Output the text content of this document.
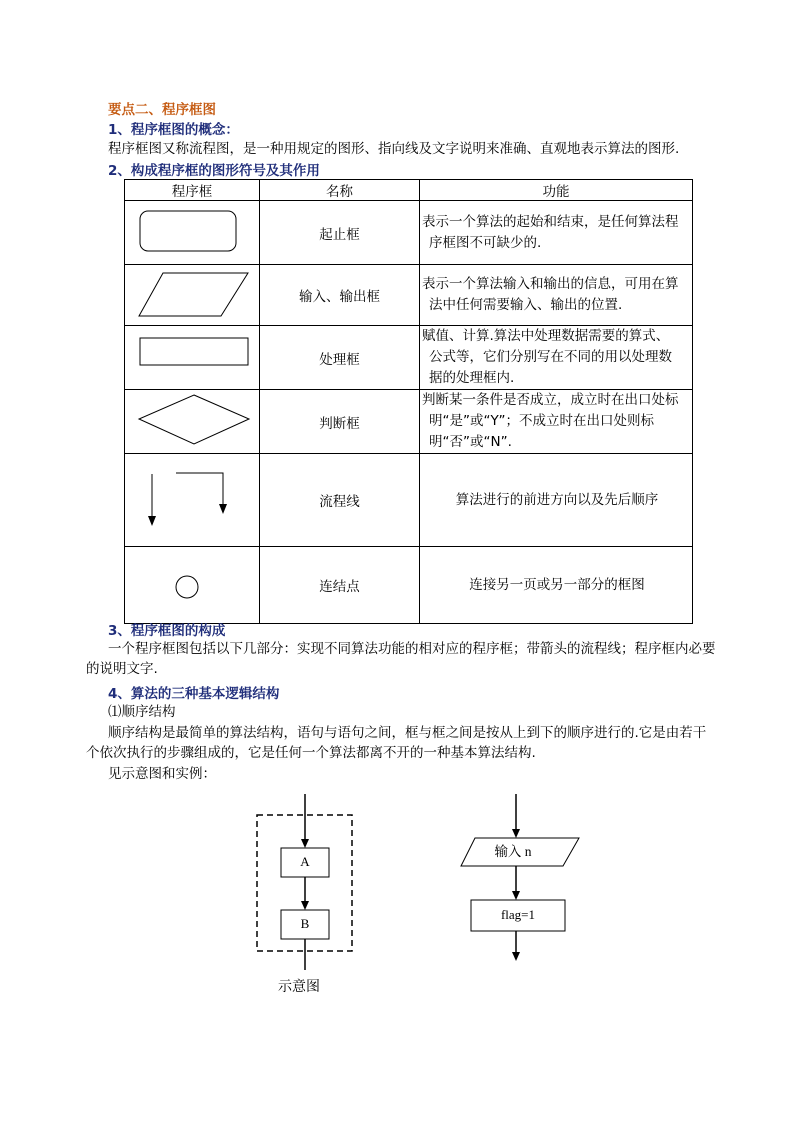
要点二、程序框图
1、程序框图的概念：
程序框图又称流程图，是一种用规定的图形、指向线及文字说明来准确、直观地表示算法的图形.
2、构成程序框的图形符号及其作用
程序框	名称	功能

	起止框	表示一个算法的起始和结束，是任何算法程
序框图不可缺少的.

	输入、输出框	表示一个算法输入和输出的信息，可用在算
法中任何需要输入、输出的位置.

	处理框	赋值、计算.算法中处理数据需要的算式、
公式等，它们分别写在不同的用以处理数
据的处理框内.

	判断框	判断某一条件是否成立，成立时在出口处标
明“是”或“Y”；不成立时在出口处则标
明“否”或“N”.

	流程线	算法进行的前进方向以及先后顺序

	连结点	连接另一页或另一部分的框图
3、程序框图的构成
一个程序框图包括以下几部分：实现不同算法功能的相对应的程序框；带箭头的流程线；程序框内必要
的说明文字.
4、算法的三种基本逻辑结构
⑴顺序结构
顺序结构是最简单的算法结构，语句与语句之间，框与框之间是按从上到下的顺序进行的.它是由若干
个依次执行的步骤组成的，它是任何一个算法都离不开的一种基本算法结构.
见示意图和实例：
A
B
示意图
输入 n
flag=1
